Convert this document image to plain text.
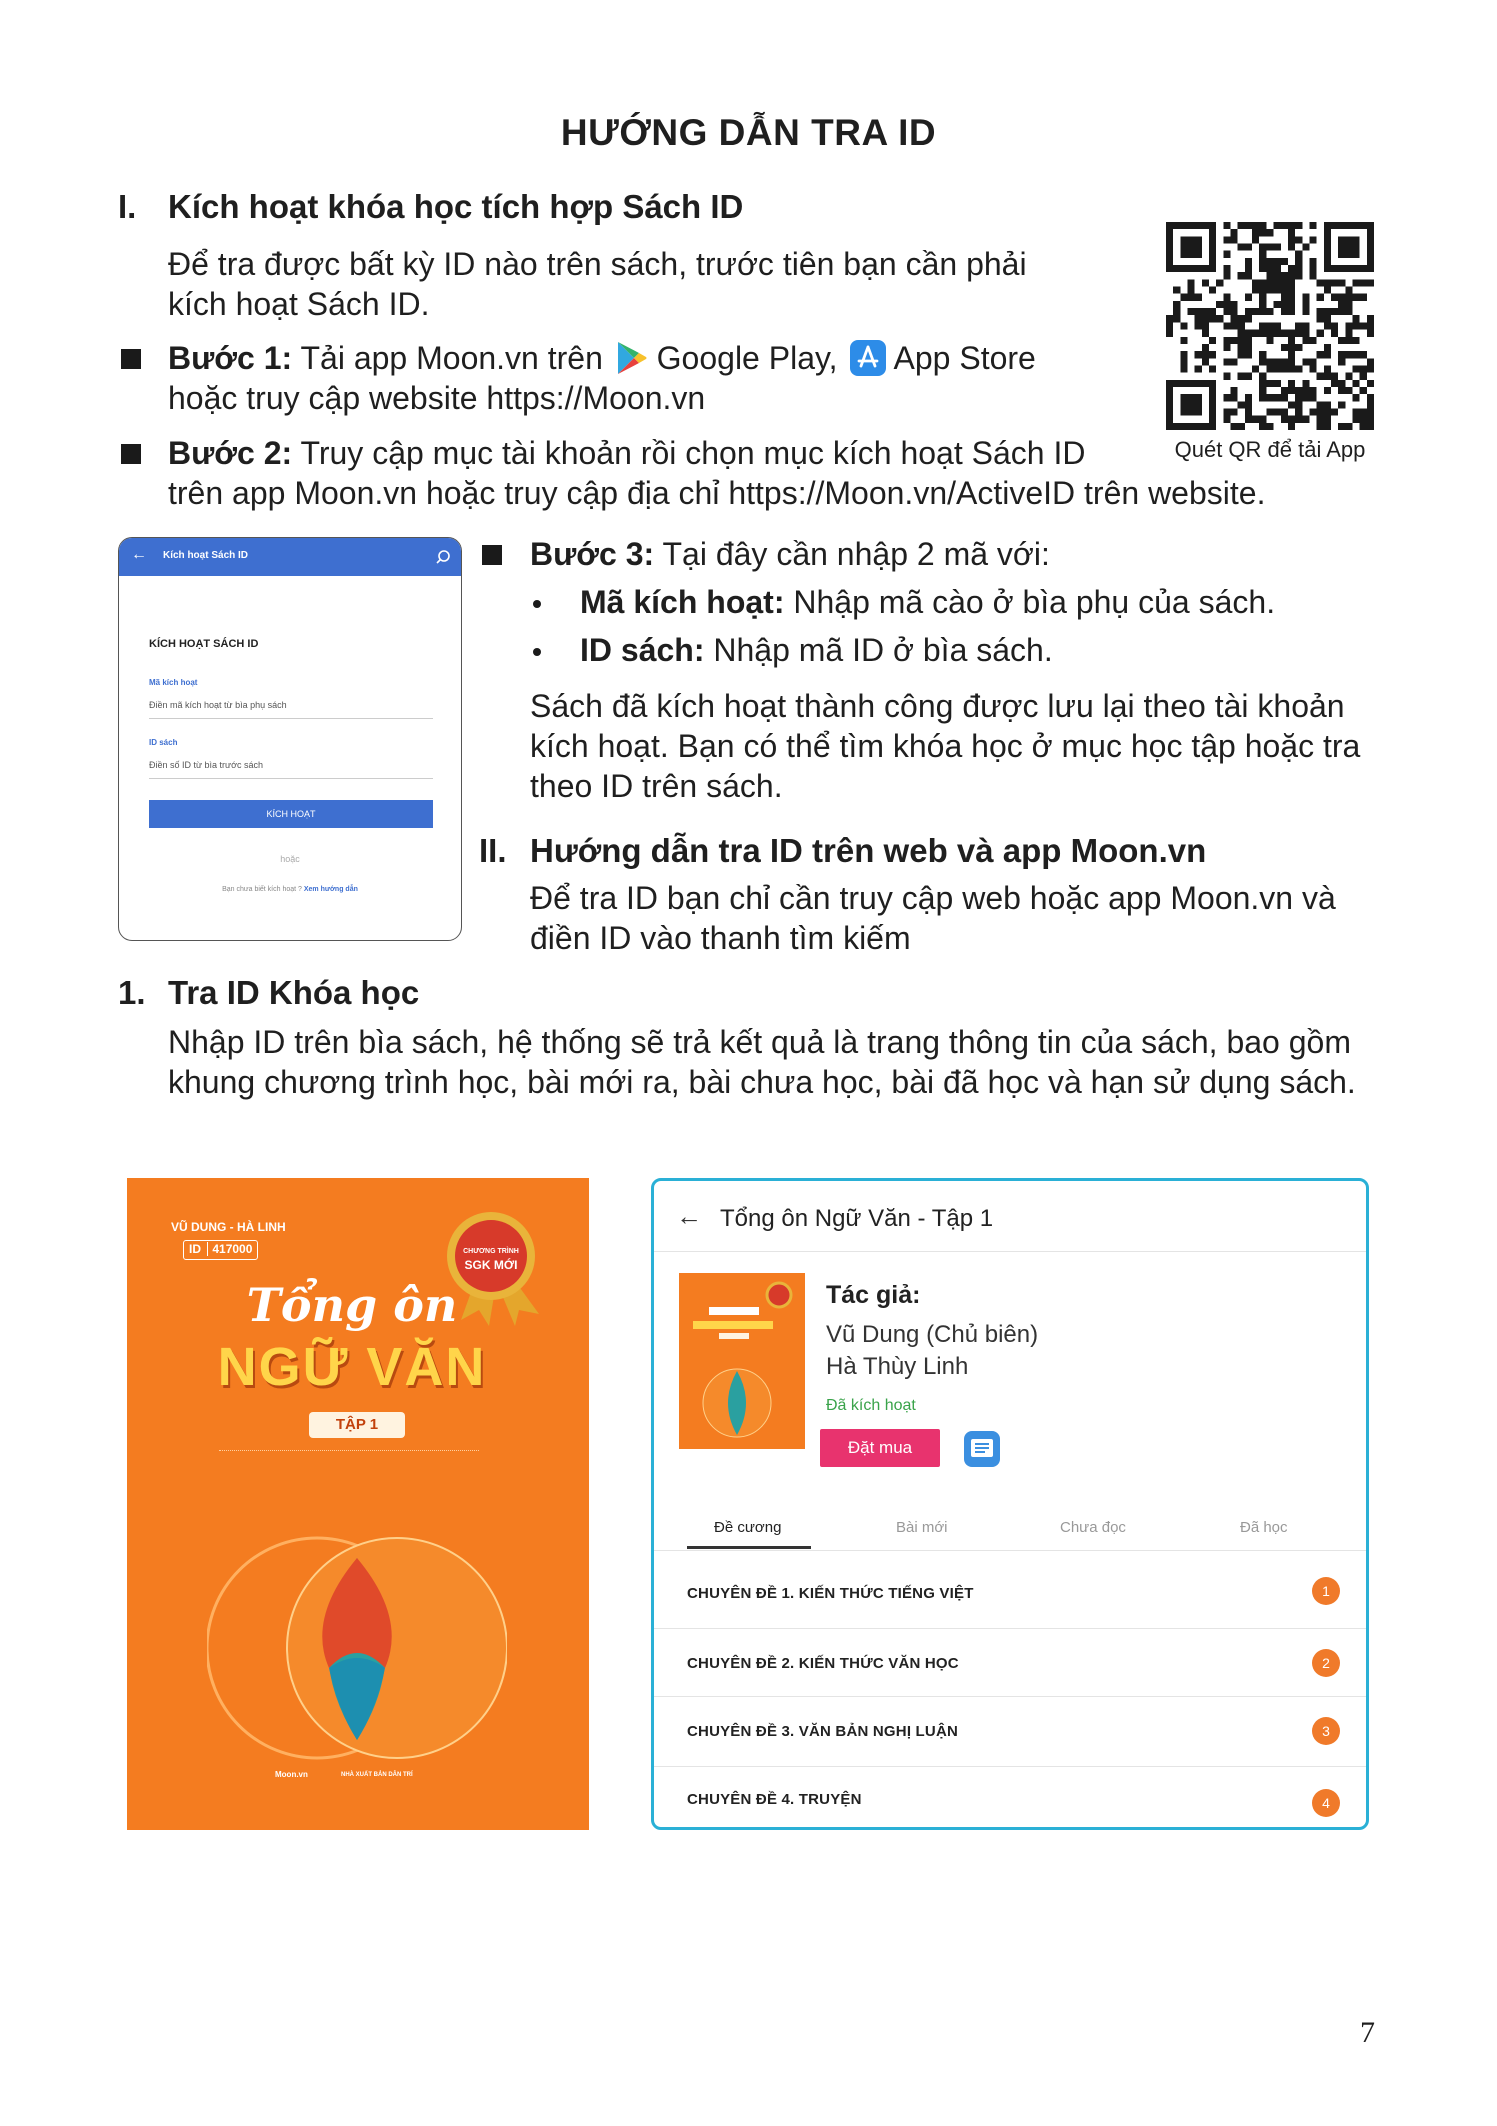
HƯỚNG DẪN TRA ID
I. Kích hoạt khóa học tích hợp Sách ID
Để tra được bất kỳ ID nào trên sách, trước tiên bạn cần phải
kích hoạt Sách ID.
Bước 1: Tải app Moon.vn trên Google Play, App Store
hoặc truy cập website https://Moon.vn
Bước 2: Truy cập mục tài khoản rồi chọn mục kích hoạt Sách ID
trên app Moon.vn hoặc truy cập địa chỉ https://Moon.vn/ActiveID trên website.
Quét QR để tải App
← Kích hoạt Sách ID
KÍCH HOẠT SÁCH ID
Mã kích hoạt
Điền mã kích hoạt từ bìa phụ sách
ID sách
Điền số ID từ bìa trước sách
KÍCH HOẠT
hoặc
Bạn chưa biết kích hoạt ? Xem hướng dẫn
Bước 3: Tại đây cần nhập 2 mã với:
Mã kích hoạt: Nhập mã cào ở bìa phụ của sách.
ID sách: Nhập mã ID ở bìa sách.
Sách đã kích hoạt thành công được lưu lại theo tài khoản
kích hoạt. Bạn có thể tìm khóa học ở mục học tập hoặc tra
theo ID trên sách.
II. Hướng dẫn tra ID trên web và app Moon.vn
Để tra ID bạn chỉ cần truy cập web hoặc app Moon.vn và
điền ID vào thanh tìm kiếm
1. Tra ID Khóa học
Nhập ID trên bìa sách, hệ thống sẽ trả kết quả là trang thông tin của sách, bao gồm
khung chương trình học, bài mới ra, bài chưa học, bài đã học và hạn sử dụng sách.
VŨ DUNG - HÀ LINH
ID 417000	CHƯƠNG TRÌNH
SGK MỚI
Tổng ôn
NGỮ VĂN
TẬP 1
Moon.vn	NHÀ XUẤT BẢN DÂN TRÍ
← Tổng ôn Ngữ Văn - Tập 1
Tác giả:
Vũ Dung (Chủ biên)
Hà Thùy Linh
Đã kích hoạt
Đặt mua
Đề cương	Bài mới	Chưa đọc	Đã học
CHUYÊN ĐỀ 1. KIẾN THỨC TIẾNG VIỆT	1
CHUYÊN ĐỀ 2. KIẾN THỨC VĂN HỌC	2
CHUYÊN ĐỀ 3. VĂN BẢN NGHỊ LUẬN	3
CHUYÊN ĐỀ 4. TRUYỆN	4
7
